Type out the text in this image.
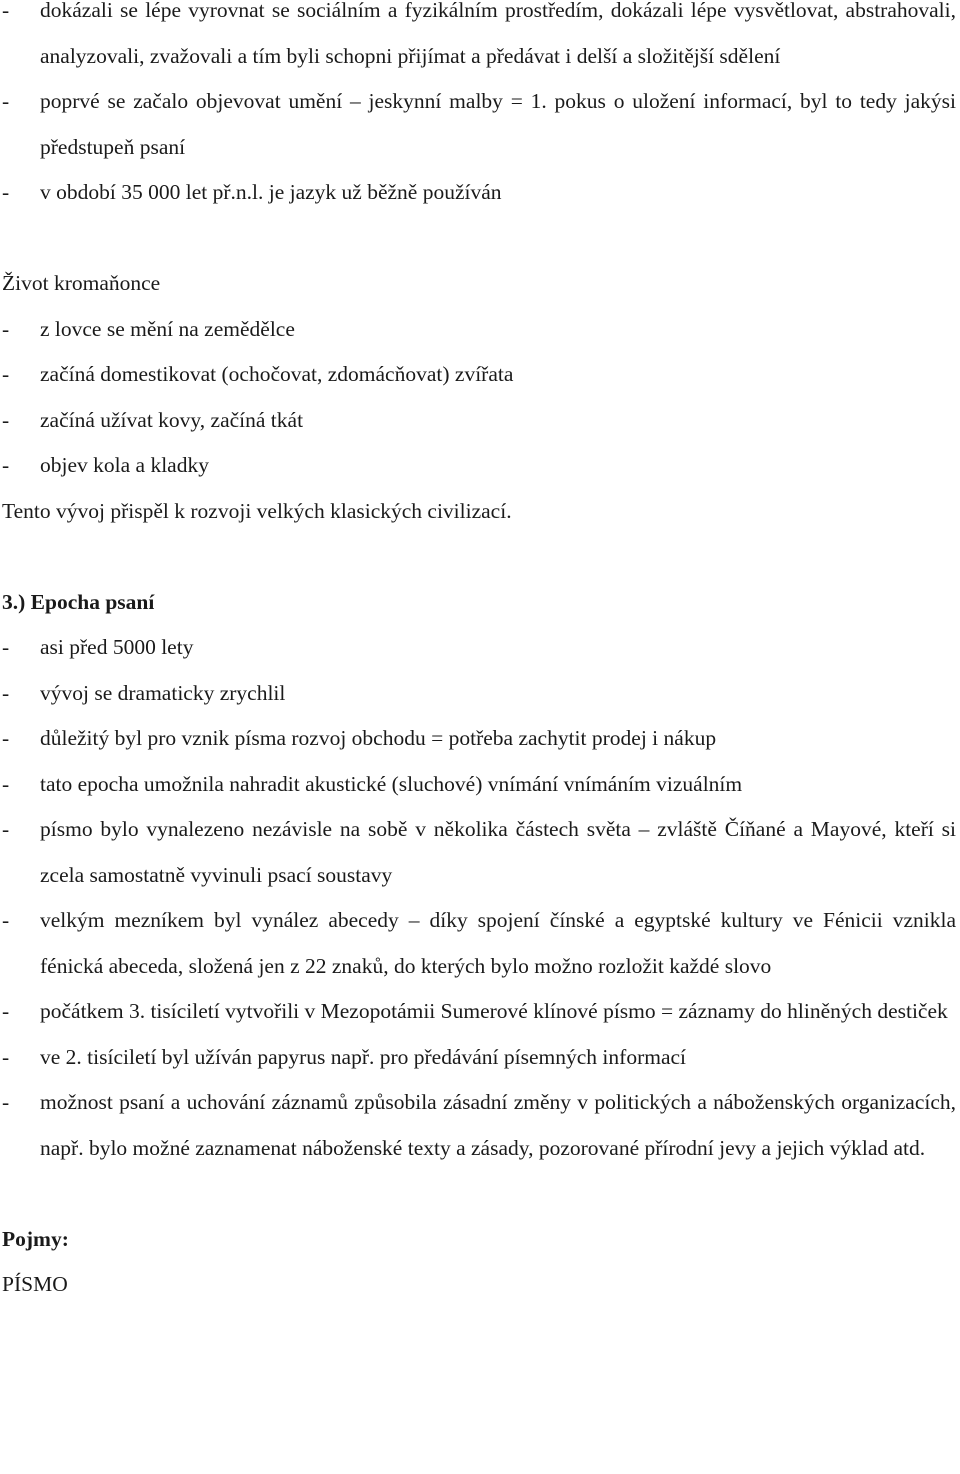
-	dokázali se lépe vyrovnat se sociálním a fyzikálním prostředím, dokázali lépe vysvětlovat, abstrahovali, analyzovali, zvažovali a tím byli schopni přijímat a předávat i delší a složitější sdělení
-	poprvé se začalo objevovat umění – jeskynní malby = 1. pokus o uložení informací, byl to tedy jakýsi předstupeň psaní
-	v období 35 000 let př.n.l. je jazyk už běžně používán
Život kromaňonce
-	z lovce se mění na zemědělce
-	začíná domestikovat (ochočovat, zdomácňovat) zvířata
-	začíná užívat kovy, začíná tkát
-	objev kola a kladky
Tento vývoj přispěl k rozvoji velkých klasických civilizací.
3.) Epocha psaní
-	asi před 5000 lety
-	vývoj se dramaticky zrychlil
-	důležitý byl pro vznik písma rozvoj obchodu = potřeba zachytit prodej i nákup
-	tato epocha umožnila nahradit akustické (sluchové) vnímání vnímáním vizuálním
-	písmo bylo vynalezeno nezávisle na sobě v několika částech světa – zvláště Číňané a Mayové, kteří si zcela samostatně vyvinuli psací soustavy
-	velkým mezníkem byl vynález abecedy – díky spojení čínské a egyptské kultury ve Fénicii vznikla fénická abeceda, složená jen z 22 znaků, do kterých bylo možno rozložit každé slovo
-	počátkem 3. tisíciletí vytvořili v Mezopotámii Sumerové klínové písmo = záznamy do hliněných destiček
-	ve 2. tisíciletí byl užíván papyrus např. pro předávání písemných informací
-	možnost psaní a uchování záznamů způsobila zásadní změny v politických a náboženských organizacích, např. bylo možné zaznamenat náboženské texty a zásady, pozorované přírodní jevy a jejich výklad atd.
Pojmy:
PÍSMO
